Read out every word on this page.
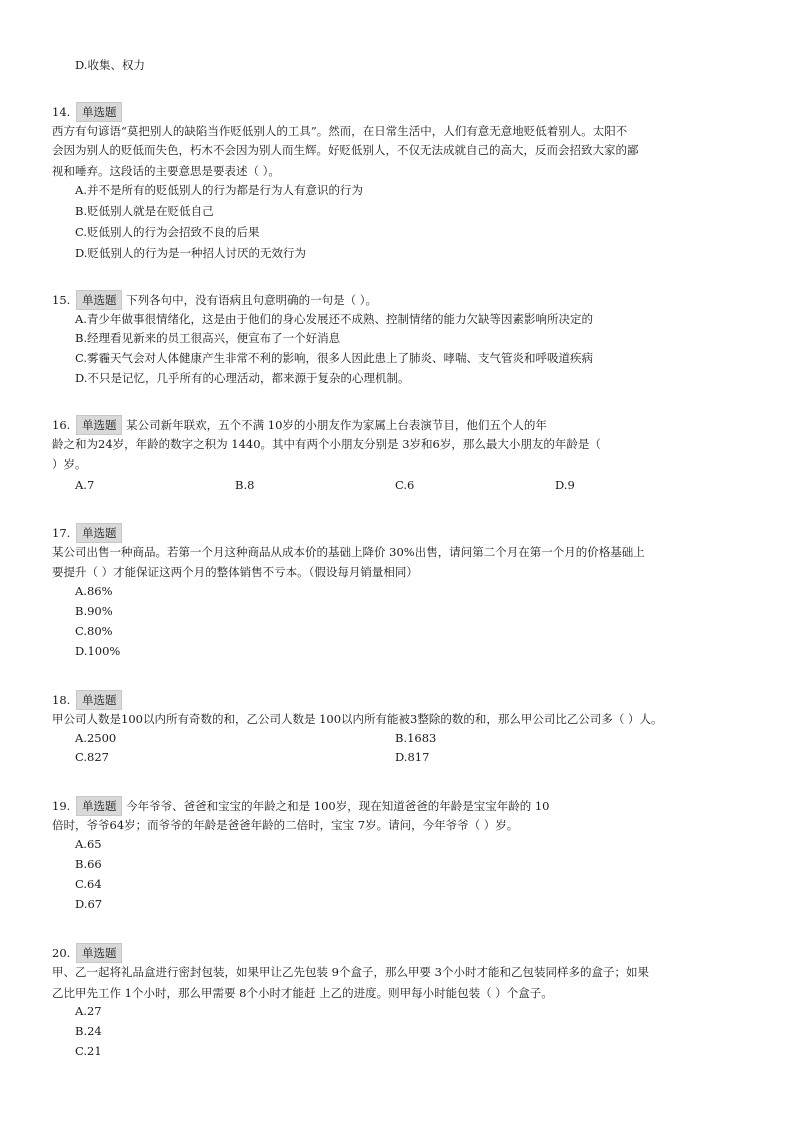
D.收集、权力
14. 单选题
西方有句谚语“莫把别人的缺陷当作贬低别人的工具”。然而，在日常生活中，人们有意无意地贬低着别人。太阳不
会因为别人的贬低而失色，朽木不会因为别人而生辉。好贬低别人，不仅无法成就自己的高大，反而会招致大家的鄙
视和唾弃。这段话的主要意思是要表述（ ）。
A.并不是所有的贬低别人的行为都是行为人有意识的行为
B.贬低别人就是在贬低自己
C.贬低别人的行为会招致不良的后果
D.贬低别人的行为是一种招人讨厌的无效行为
15. 单选题 下列各句中，没有语病且句意明确的一句是（ ）。
A.青少年做事很情绪化，这是由于他们的身心发展还不成熟、控制情绪的能力欠缺等因素影响所决定的
B.经理看见新来的员工很高兴，便宣布了一个好消息
C.雾霾天气会对人体健康产生非常不利的影响，很多人因此患上了肺炎、哮喘、支气管炎和呼吸道疾病
D.不只是记忆，几乎所有的心理活动，都来源于复杂的心理机制。
16. 单选题 某公司新年联欢，五个不满 10岁的小朋友作为家属上台表演节目，他们五个人的年
龄之和为24岁，年龄的数字之积为 1440。其中有两个小朋友分别是 3岁和6岁，那么最大小朋友的年龄是（
）岁。
A.7	B.8	C.6	D.9
17. 单选题
某公司出售一种商品。若第一个月这种商品从成本价的基础上降价 30%出售，请问第二个月在第一个月的价格基础上
要提升（ ）才能保证这两个月的整体销售不亏本。（假设每月销量相同）
A.86%
B.90%
C.80%
D.100%
18. 单选题
甲公司人数是100以内所有奇数的和，乙公司人数是 100以内所有能被3整除的数的和，那么甲公司比乙公司多（ ）人。
A.2500	B.1683
C.827	D.817
19. 单选题 今年爷爷、爸爸和宝宝的年龄之和是 100岁，现在知道爸爸的年龄是宝宝年龄的 10
倍时，爷爷64岁；而爷爷的年龄是爸爸年龄的二倍时，宝宝 7岁。请问，今年爷爷（ ）岁。
A.65
B.66
C.64
D.67
20. 单选题
甲、乙一起将礼品盒进行密封包装，如果甲让乙先包装 9个盒子，那么甲要 3个小时才能和乙包装同样多的盒子；如果
乙比甲先工作 1个小时，那么甲需要 8个小时才能赶 上乙的进度。则甲每小时能包装（ ）个盒子。
A.27
B.24
C.21
